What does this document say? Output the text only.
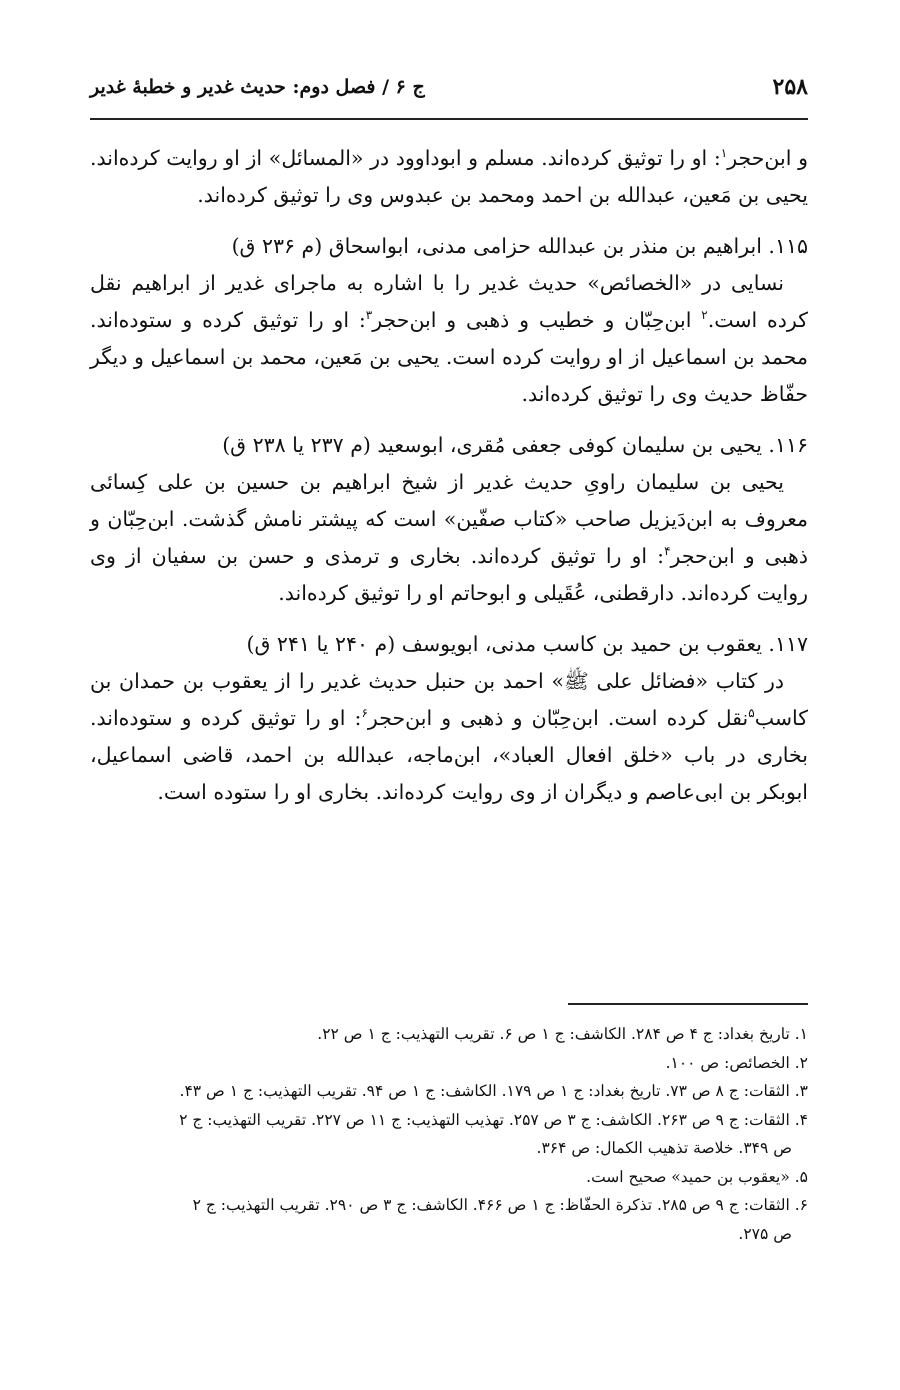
۲۵۸
ج ۶ / فصل دوم: حدیث غدیر و خطبهٔ غدیر

و ابن‌حجر$^۱$: او را توثیق کرده‌اند. مسلم و ابوداوود در «المسائل» از او روایت کرده‌اند. یحیی بن مَعین، عبدالله بن احمد ومحمد بن عبدوس وی را توثیق کرده‌اند.

۱۱۵. ابراهیم بن منذر بن عبدالله حزامی مدنی، ابواسحاق (م ۲۳۶ ق)

نسایی در «الخصائص» حدیث غدیر را با اشاره به ماجرای غدیر از ابراهیم نقل کرده است.$^۲$ ابن‌حِبّان و خطیب و ذهبی و ابن‌حجر$^۳$: او را توثیق کرده و ستوده‌اند. محمد بن اسماعیل از او روایت کرده است. یحیی بن مَعین، محمد بن اسماعیل و دیگر حفّاظ حدیث وی را توثیق کرده‌اند.

۱۱۶. یحیی بن سلیمان کوفی جعفی مُقری، ابوسعید (م ۲۳۷ یا ۲۳۸ ق)

یحیی بن سلیمان راویِ حدیث غدیر از شیخ ابراهیم بن حسین بن علی کِسائی معروف به ابن‌دَیزیل صاحب «کتاب صفّین» است که پیشتر نامش گذشت. ابن‌حِبّان و ذهبی و ابن‌حجر$^۴$: او را توثیق کرده‌اند. بخاری و ترمذی و حسن بن سفیان از وی روایت کرده‌اند. دارقطنی، عُقَیلی و ابوحاتم او را توثیق کرده‌اند.

۱۱۷. یعقوب بن حمید بن کاسب مدنی، ابویوسف (م ۲۴۰ یا ۲۴۱ ق)

در کتاب «فضائل علی ﷺ» احمد بن حنبل حدیث غدیر را از یعقوب بن حمدان بن کاسب$^۵$نقل کرده است. ابن‌حِبّان و ذهبی و ابن‌حجر$^۶$: او را توثیق کرده و ستوده‌اند. بخاری در باب «خلق افعال العباد»، ابن‌ماجه، عبدالله بن احمد، قاضی اسماعیل، ابوبکر بن ابی‌عاصم و دیگران از وی روایت کرده‌اند. بخاری او را ستوده است.

۱. تاریخ بغداد: ج ۴ ص ۲۸۴. الکاشف: ج ۱ ص ۶. تقریب التهذیب: ج ۱ ص ۲۲.

۲. الخصائص: ص ۱۰۰.

۳. الثقات: ج ۸ ص ۷۳. تاریخ بغداد: ج ۱ ص ۱۷۹. الکاشف: ج ۱ ص ۹۴. تقریب التهذیب: ج ۱ ص ۴۳.

۴. الثقات: ج ۹ ص ۲۶۳. الکاشف: ج ۳ ص ۲۵۷. تهذیب التهذیب: ج ۱۱ ص ۲۲۷. تقریب التهذیب: ج ۲

ص ۳۴۹. خلاصة تذهیب الکمال: ص ۳۶۴.

۵. «یعقوب بن حمید» صحیح است.

۶. الثقات: ج ۹ ص ۲۸۵. تذکرة الحفّاظ: ج ۱ ص ۴۶۶. الکاشف: ج ۳ ص ۲۹۰. تقریب التهذیب: ج ۲

ص ۲۷۵.
